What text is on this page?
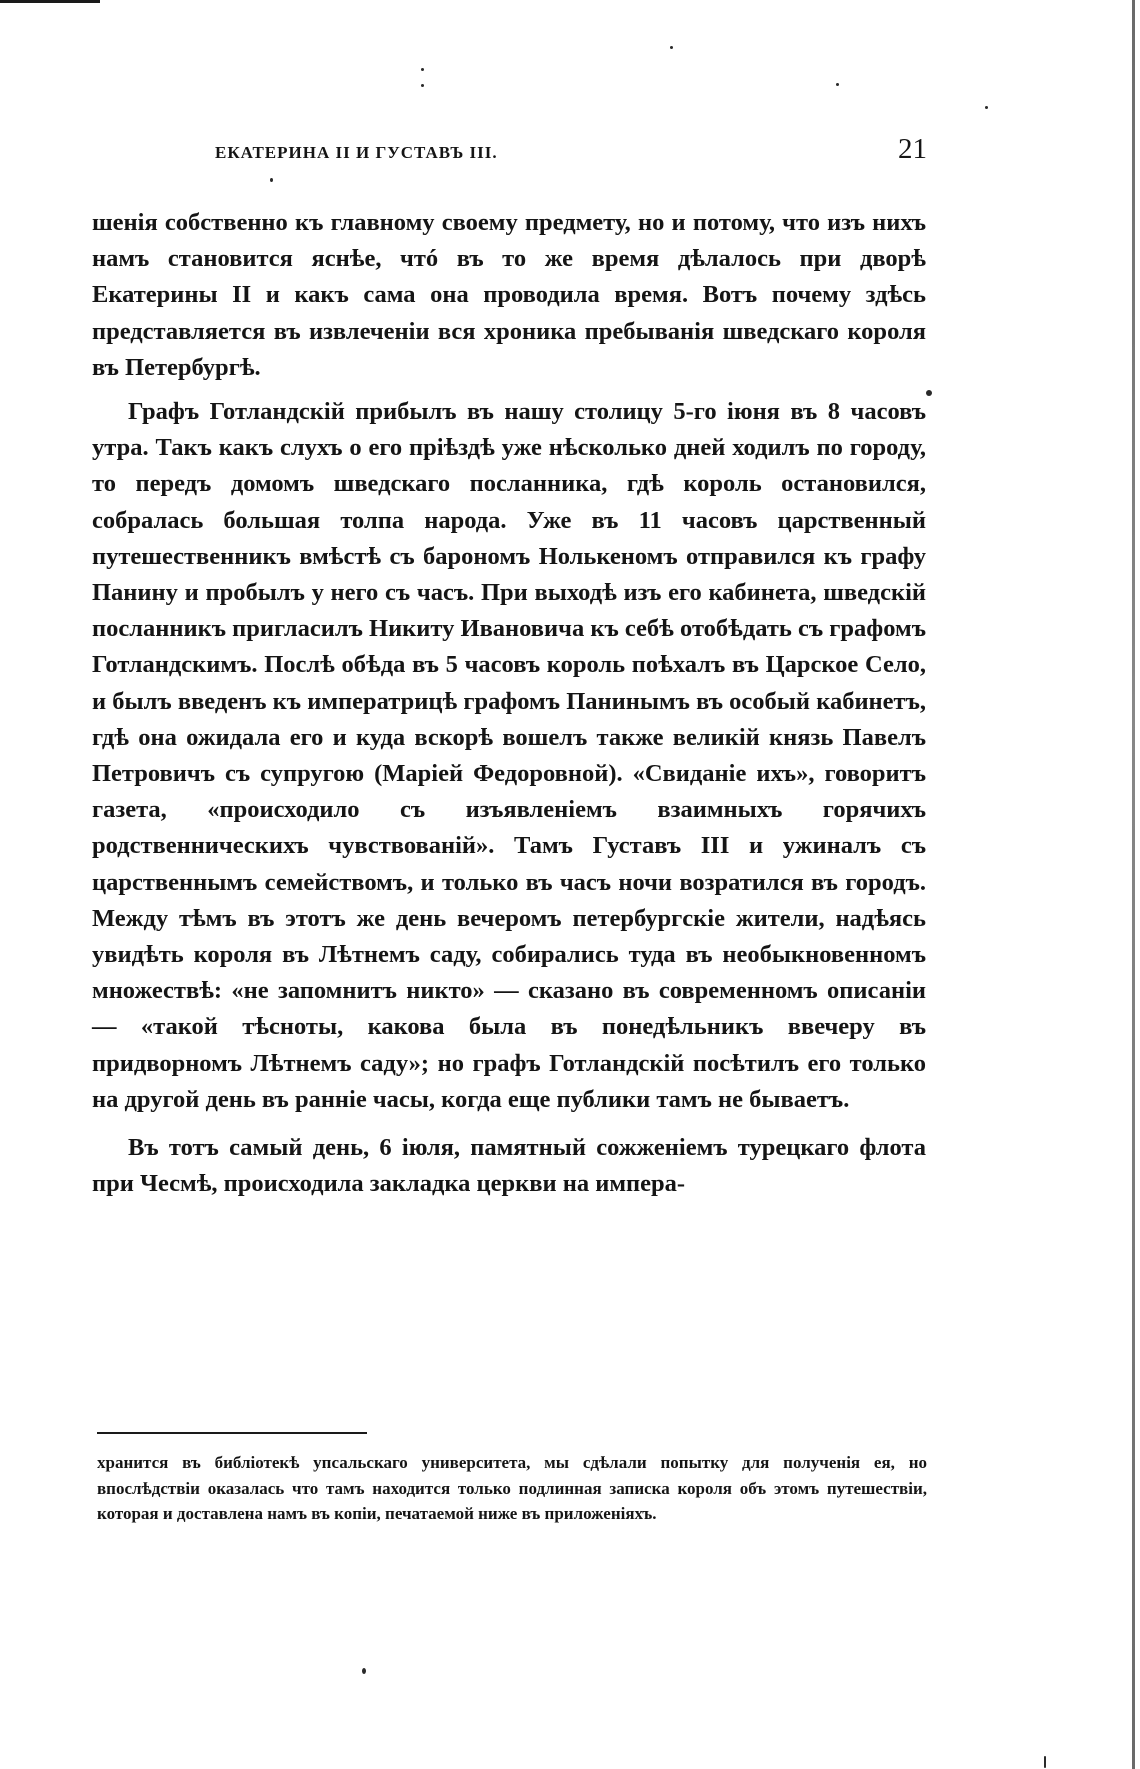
ЕКАТЕРИНА II И ГУСТАВЪ III.	21

шенія собственно къ главному своему предмету, но и потому, что изъ нихъ намъ становится яснѣе, чтó въ то же время дѣлалось при дворѣ Екатерины II и какъ сама она проводила время. Вотъ почему здѣсь представляется въ извлеченіи вся хроника пребыванія шведскаго короля въ Петербургѣ.

Графъ Готландскій прибылъ въ нашу столицу 5-го іюня въ 8 часовъ утра. Такъ какъ слухъ о его пріѣздѣ уже нѣсколько дней ходилъ по городу, то передъ домомъ шведскаго посланника, гдѣ король остановился, собралась большая толпа народа. Уже въ 11 часовъ царственный путешественникъ вмѣстѣ съ барономъ Нолькеномъ отправился къ графу Панину и пробылъ у него съ часъ. При выходѣ изъ его кабинета, шведскій посланникъ пригласилъ Никиту Ивановича къ себѣ отобѣдать съ графомъ Готландскимъ. Послѣ обѣда въ 5 часовъ король поѣхалъ въ Царское Село, и былъ введенъ къ императрицѣ графомъ Панинымъ въ особый кабинетъ, гдѣ она ожидала его и куда вскорѣ вошелъ также великій князь Павелъ Петровичъ съ супругою (Маріей Федоровной). «Свиданіе ихъ», говоритъ газета, «происходило съ изъявленіемъ взаимныхъ горячихъ родственническихъ чувствованій». Тамъ Густавъ III и ужиналъ съ царственнымъ семействомъ, и только въ часъ ночи возратился въ городъ. Между тѣмъ въ этотъ же день вечеромъ петербургскіе жители, надѣясь увидѣть короля въ Лѣтнемъ саду, собирались туда въ необыкновенномъ множествѣ: «не запомнитъ никто» — сказано въ современномъ описаніи — «такой тѣсноты, какова была въ понедѣльникъ ввечеру въ придворномъ Лѣтнемъ саду»; но графъ Готландскій посѣтилъ его только на другой день въ ранніе часы, когда еще публики тамъ не бываетъ.

Въ тотъ самый день, 6 іюля, памятный сожженіемъ турецкаго флота при Чесмѣ, происходила закладка церкви на импера-

хранится въ библіотекѣ упсальскаго университета, мы сдѣлали попытку для полученія ея, но впослѣдствіи оказалась что тамъ находится только подлинная записка короля объ этомъ путешествіи, которая и доставлена намъ въ копіи, печатаемой ниже въ приложеніяхъ.
